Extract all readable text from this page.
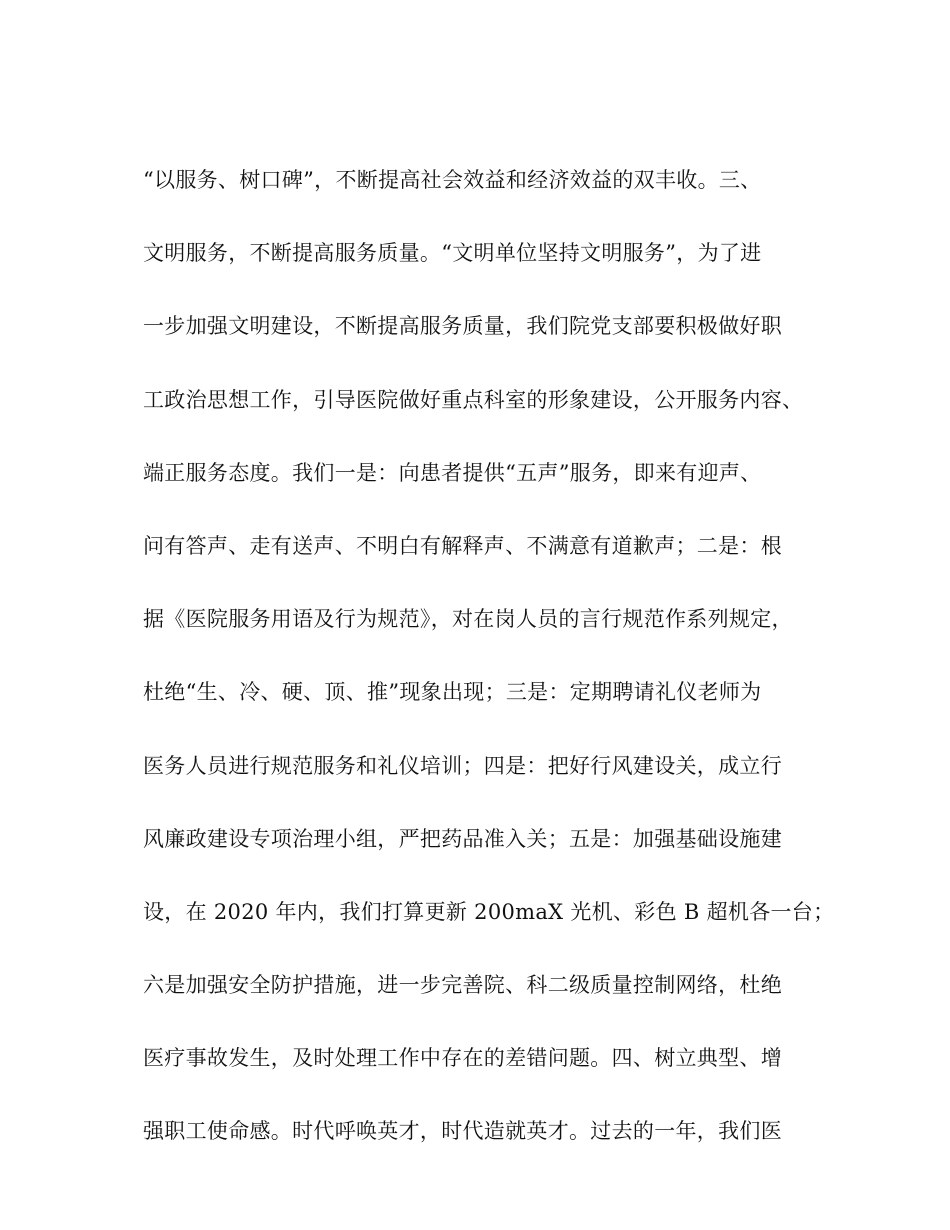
“以服务、树口碑”，不断提高社会效益和经济效益的双丰收。三、
文明服务，不断提高服务质量。“文明单位坚持文明服务”，为了进
一步加强文明建设，不断提高服务质量，我们院党支部要积极做好职
工政治思想工作，引导医院做好重点科室的形象建设，公开服务内容、
端正服务态度。我们一是：向患者提供“五声”服务，即来有迎声、
问有答声、走有送声、不明白有解释声、不满意有道歉声；二是：根
据《医院服务用语及行为规范》，对在岗人员的言行规范作系列规定，
杜绝“生、冷、硬、顶、推”现象出现；三是：定期聘请礼仪老师为
医务人员进行规范服务和礼仪培训；四是：把好行风建设关，成立行
风廉政建设专项治理小组，严把药品准入关；五是：加强基础设施建
设，在 2020 年内，我们打算更新 200maX 光机、彩色 B 超机各一台；
六是加强安全防护措施，进一步完善院、科二级质量控制网络，杜绝
医疗事故发生，及时处理工作中存在的差错问题。四、树立典型、增
强职工使命感。时代呼唤英才，时代造就英才。过去的一年，我们医
